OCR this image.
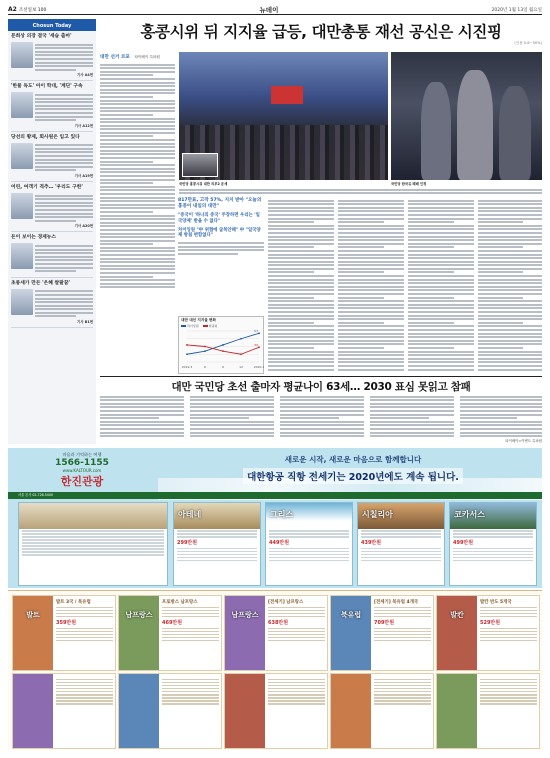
A2 조선일보 100	뉴데이	2020년 1월 13일 월요일
Chosun Today
문희상 의장 결국 '세습 출마'
기사 A4면
'한물 독도' 아이 학대, '계단' 구속
기사 A12면
당선의 황제, 회사원은 입고 있다
기사 A19면
어린, 여객기 격추… '우리도 구한'
기사 A20면
돈이 보이는 경제뉴스
초롱세가 만든 '은혜 쌀팔꿈'
기사 B1면
홍콩시위 뒤 지지율 급등, 대만총통 재선 공신은 시진핑
(인용 0.6~50%)
대만 선거 르포 타이베이 특파원
국민당 홍콩시위 대만 의무2 운세	국민당 한국유 패배 인정
817만표, 고작 57%, 지지 받아 "오늘의 홍콩이 내일의 대만"
"중국이 '하나의 중국' 주장하면 우리는 '일국양제' 받을 수 없다"
차이잉원 "中 위협에 굴복안해" 中 "일국양제 방침 변함없다"
대만 대선 지지율 변화
차이잉원	한궈위
2019.3	6	9	12	2020.1
57
39
대만 국민당 초선 출마자 평균나이 63세… 2030 표심 못읽고 참패
타이베이=이벤트 특파원
마음과 기억하는 여행
1566-1155
www.KALTOUR.com
한진관광
새로운 시작, 새로운 마음으로 함께합니다
대한항공 직항 전세기는 2020년에도 계속 됩니다.
서울 본사 02-726-5400
아테네
299만원
그리스
449만원
시칠리아
439만원
코카서스
499만원
발트
발트 3국 / 북유럽
359만원
남프랑스
프로방스 남프랑스
469만원
남프랑스
[전세기] 남프랑스
638만원
북유럽
[전세기] 북유럽 4개국
709만원
발칸
발칸 반도 5개국
529만원
